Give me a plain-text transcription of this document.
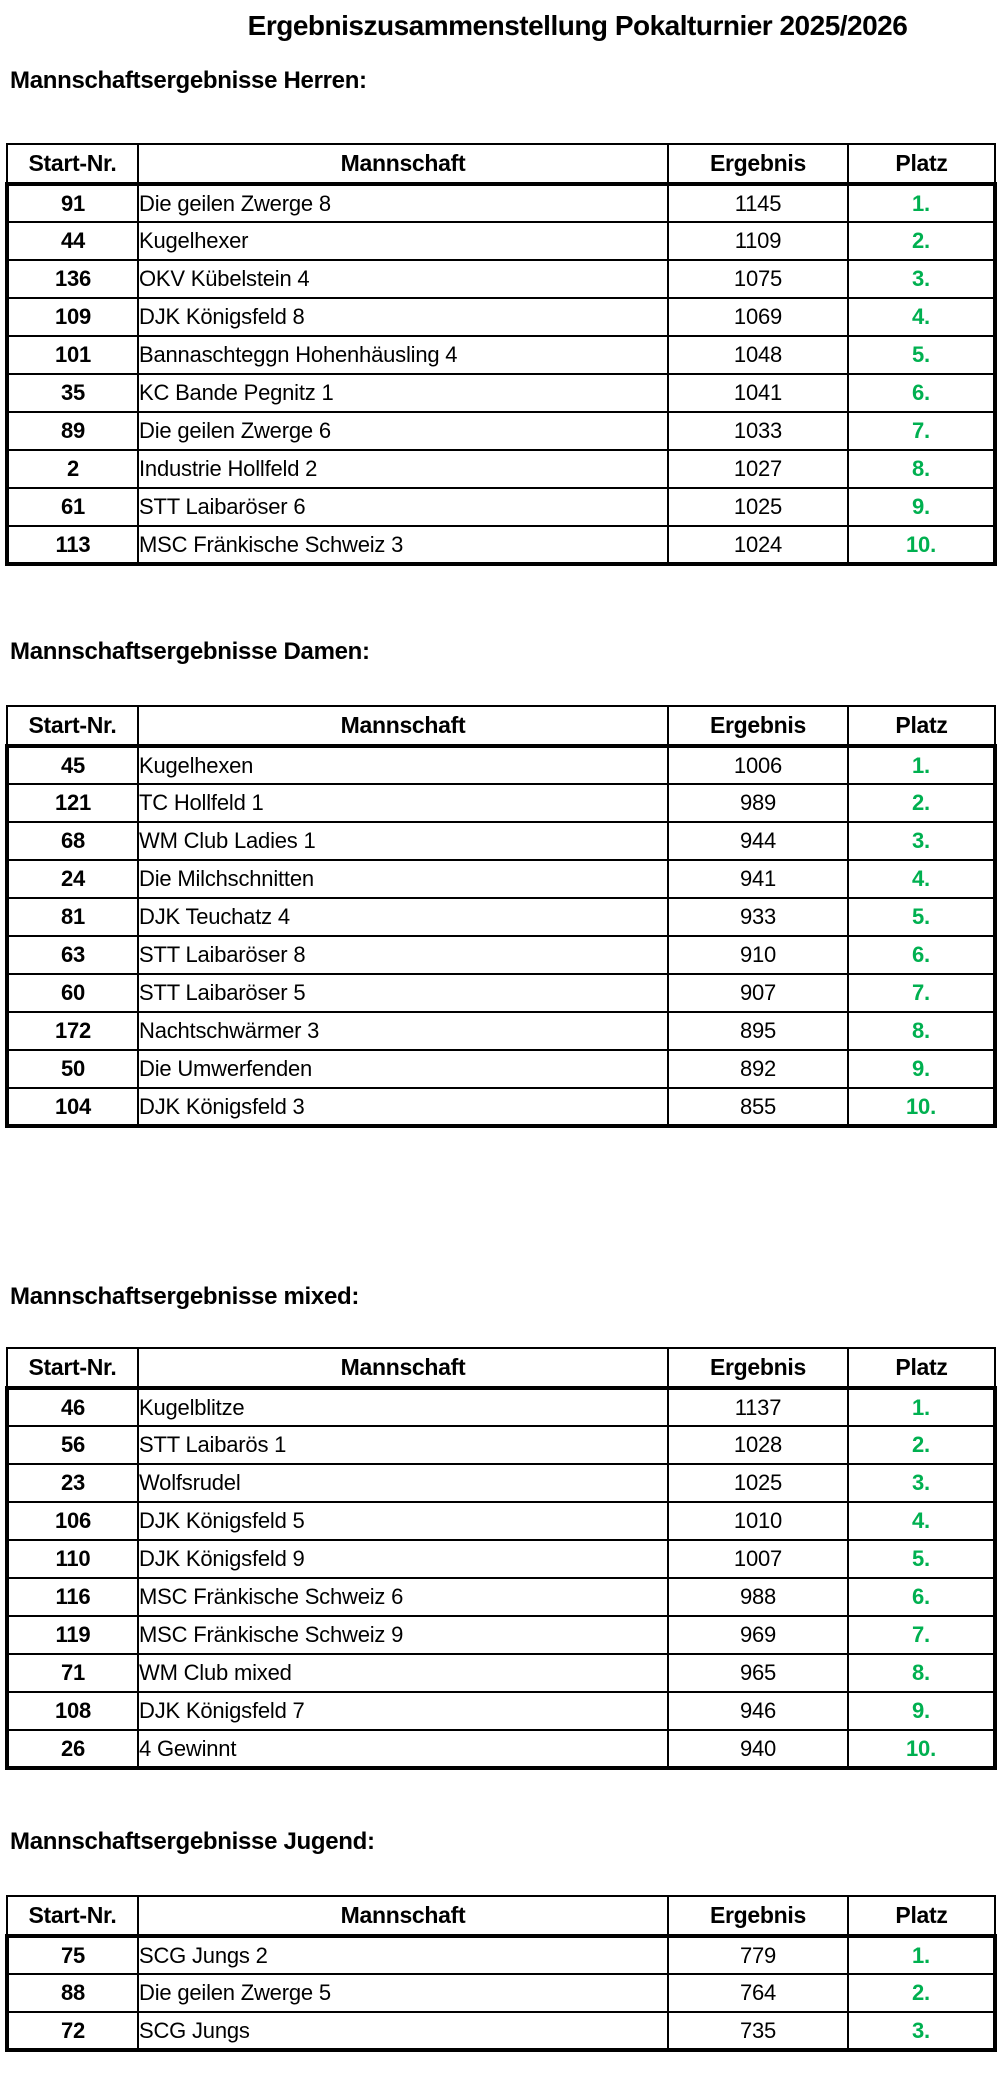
Ergebniszusammenstellung Pokalturnier 2025/2026
Mannschaftsergebnisse Herren:
Start-Nr.	Mannschaft	Ergebnis	Platz
91	Die geilen Zwerge 8	1145	1.
44	Kugelhexer	1109	2.
136	OKV Kübelstein 4	1075	3.
109	DJK Königsfeld 8	1069	4.
101	Bannaschteggn Hohenhäusling 4	1048	5.
35	KC Bande Pegnitz 1	1041	6.
89	Die geilen Zwerge 6	1033	7.
2	Industrie Hollfeld 2	1027	8.
61	STT Laibaröser 6	1025	9.
113	MSC Fränkische Schweiz 3	1024	10.
Mannschaftsergebnisse Damen:
Start-Nr.	Mannschaft	Ergebnis	Platz
45	Kugelhexen	1006	1.
121	TC Hollfeld 1	989	2.
68	WM Club Ladies 1	944	3.
24	Die Milchschnitten	941	4.
81	DJK Teuchatz 4	933	5.
63	STT Laibaröser 8	910	6.
60	STT Laibaröser 5	907	7.
172	Nachtschwärmer 3	895	8.
50	Die Umwerfenden	892	9.
104	DJK Königsfeld 3	855	10.
Mannschaftsergebnisse mixed:
Start-Nr.	Mannschaft	Ergebnis	Platz
46	Kugelblitze	1137	1.
56	STT Laibarös 1	1028	2.
23	Wolfsrudel	1025	3.
106	DJK Königsfeld 5	1010	4.
110	DJK Königsfeld 9	1007	5.
116	MSC Fränkische Schweiz 6	988	6.
119	MSC Fränkische Schweiz 9	969	7.
71	WM Club mixed	965	8.
108	DJK Königsfeld 7	946	9.
26	4 Gewinnt	940	10.
Mannschaftsergebnisse Jugend:
Start-Nr.	Mannschaft	Ergebnis	Platz
75	SCG Jungs 2	779	1.
88	Die geilen Zwerge 5	764	2.
72	SCG Jungs	735	3.
